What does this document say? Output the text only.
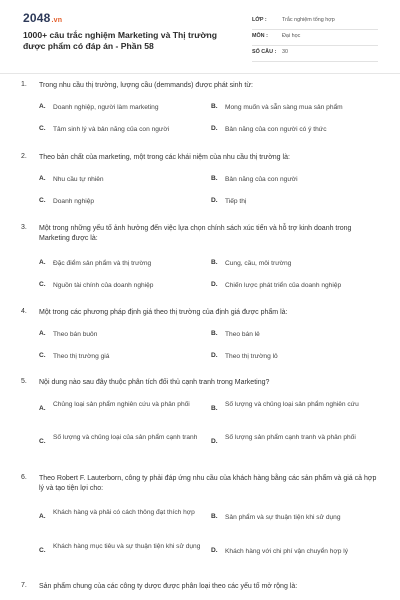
2048.vn
1000+ câu trắc nghiệm Marketing và Thị trường được phẩm có đáp án - Phần 58
LỚP :	Trắc nghiệm tổng hợp
MÔN :	Đại học
SỐ CÂU : 30
1. Trong nhu cầu thị trường, lượng cầu (demmands) được phát sinh từ:
A. Doanh nghiệp, người làm marketing	B. Mong muốn và sẵn sàng mua sản phẩm
C. Tâm sinh lý và bản năng của con người	D. Bản năng của con người có ý thức
2. Theo bản chất của marketing, một trong các khái niệm của nhu cầu thị trường là:
A. Nhu cầu tự nhiên	B. Bản năng của con người
C. Doanh nghiệp	D. Tiếp thị
3. Một trong những yếu tố ảnh hưởng đến việc lựa chọn chính sách xúc tiến và hỗ trợ kinh doanh trong Marketing được là:
A. Đặc điểm sản phẩm và thị trường	B. Cung, cầu, môi trường
C. Nguồn tài chính của doanh nghiệp	D. Chiến lược phát triển của doanh nghiệp
4. Một trong các phương pháp định giá theo thị trường của định giá được phẩm là:
A. Theo bán buôn	B. Theo bán lẻ
C. Theo thị trường giá	D. Theo thị trường lô
5. Nội dung nào sau đây thuộc phân tích đối thủ cạnh tranh trong Marketing?
A.
Chủng loại sản phẩm nghiên cứu và phân phối
B.
Số lượng và chủng loại sản phẩm nghiên cứu
C.
Số lượng và chủng loại của sản phẩm cạnh tranh
D.
Số lượng sản phẩm cạnh tranh và phân phối
6. Theo Robert F. Lauterborn, công ty phải đáp ứng nhu cầu của khách hàng bằng các sản phẩm và giá cả hợp lý và tạo tiện lợi cho:
A.
Khách hàng và phải có cách thông đạt thích hợp
B. Sản phẩm và sự thuận tiện khi sử dụng
C.
Khách hàng mục tiêu và sự thuận tiện khi sử dụng
D. Khách hàng với chi phí vận chuyển hợp lý
7. Sản phẩm chung của các công ty dược được phân loại theo các yếu tố mở rộng là:
